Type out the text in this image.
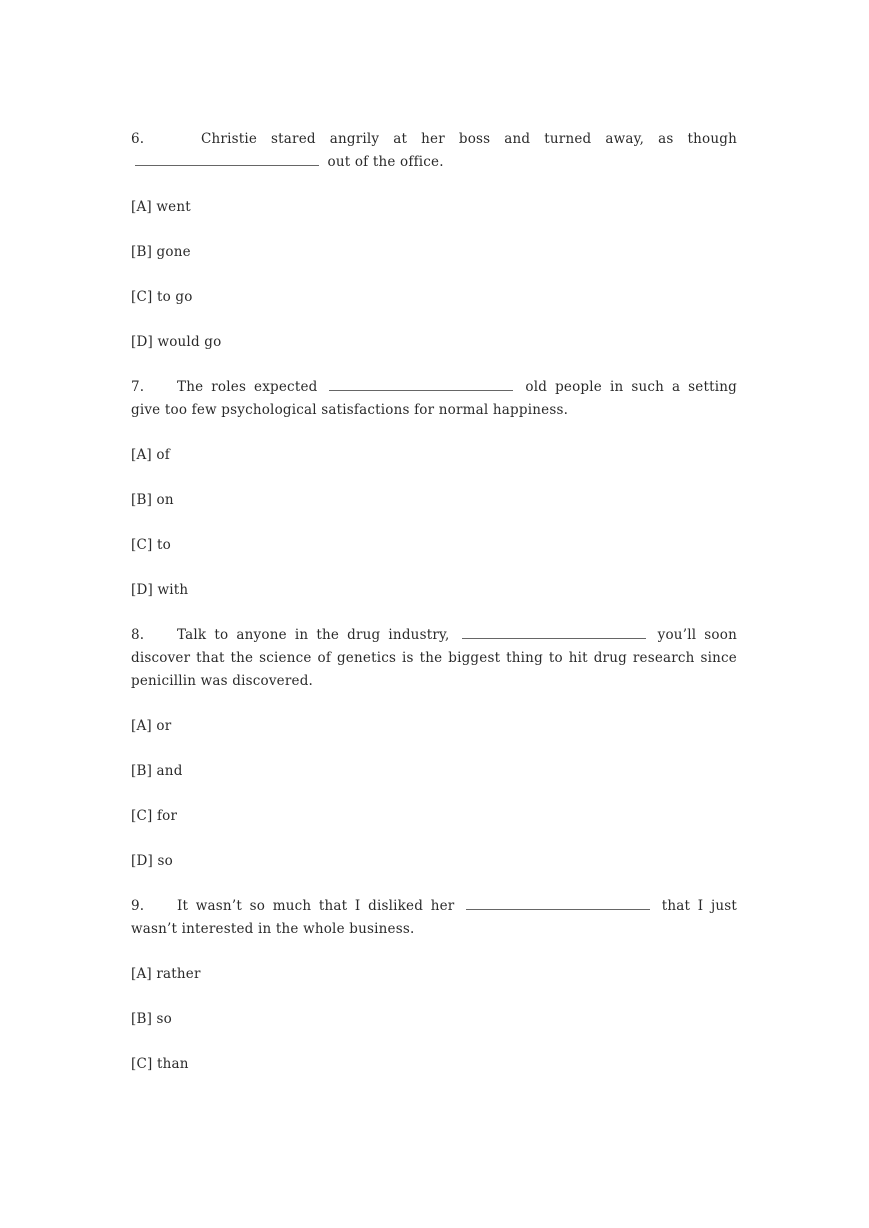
6.	Christie stared angrily at her boss and turned away, as though  out of the office.

[A] went

[B] gone

[C] to go

[D] would go

7. The roles expected	old people in such a setting give too few psychological satisfactions for normal happiness.

[A] of

[B] on

[C] to

[D] with

8. Talk to anyone in the drug industry,	you’ll soon discover that the science of genetics is the biggest thing to hit drug research since penicillin was discovered.

[A] or

[B] and

[C] for

[D] so

9. It wasn’t so much that I disliked her	that I just wasn’t interested in the whole business.

[A] rather

[B] so

[C] than
